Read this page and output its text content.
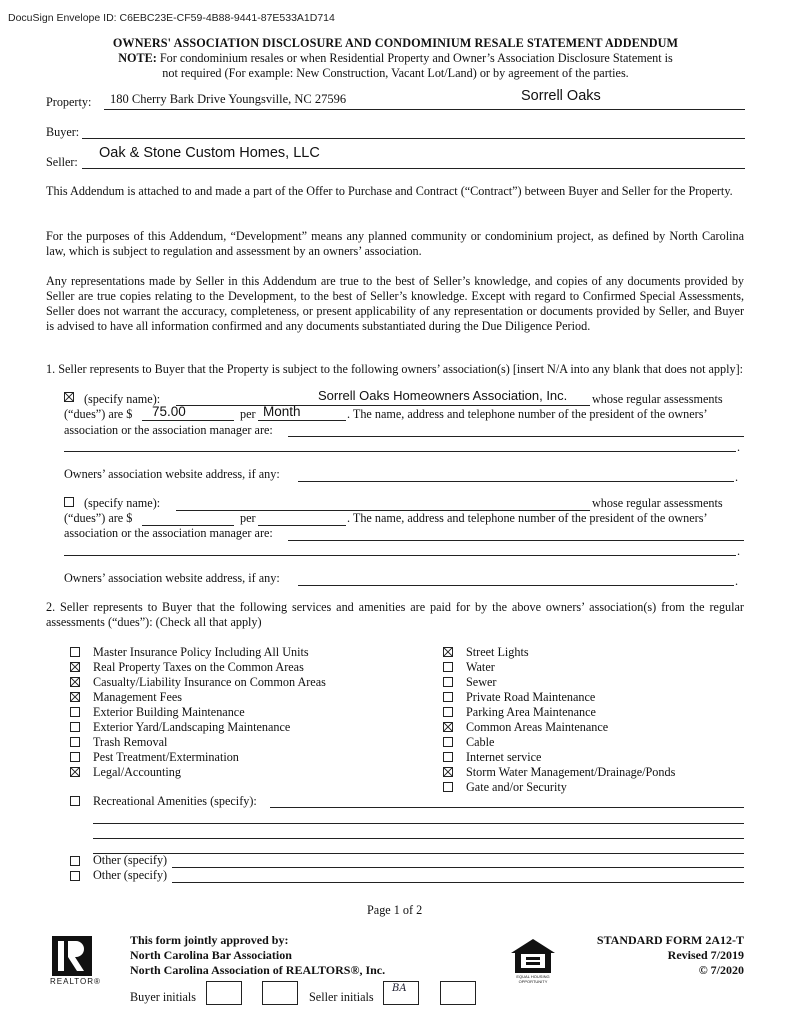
DocuSign Envelope ID: C6EBC23E-CF59-4B88-9441-87E533A1D714
OWNERS' ASSOCIATION DISCLOSURE AND CONDOMINIUM RESALE STATEMENT ADDENDUM
NOTE: For condominium resales or when Residential Property and Owner’s Association Disclosure Statement is
not required (For example: New Construction, Vacant Lot/Land) or by agreement of the parties.
Property: 180 Cherry Bark Drive Youngsville, NC 27596	Sorrell Oaks
Buyer:
Seller:
Oak & Stone Custom Homes, LLC
This Addendum is attached to and made a part of the Offer to Purchase and Contract (“Contract”) between Buyer and Seller for the Property.
For the purposes of this Addendum, “Development” means any planned community or condominium project, as defined by North Carolina law, which is subject to regulation and assessment by an owners’ association.
Any representations made by Seller in this Addendum are true to the best of Seller’s knowledge, and copies of any documents provided by Seller are true copies relating to the Development, to the best of Seller’s knowledge. Except with regard to Confirmed Special Assessments, Seller does not warrant the accuracy, completeness, or present applicability of any representation or documents provided by Seller, and Buyer is advised to have all information confirmed and any documents substantiated during the Due Diligence Period.
1. Seller represents to Buyer that the Property is subject to the following owners’ association(s) [insert N/A into any blank that does not apply]:
(specify name):	Sorrell Oaks Homeowners Association, Inc. whose regular assessments
(“dues”) are $ 75.00	per Month	. The name, address and telephone number of the president of the owners’
association or the association manager are:
.
Owners’ association website address, if any:	.
(specify name):	whose regular assessments
(“dues”) are $	per	. The name, address and telephone number of the president of the owners’
association or the association manager are:
.
Owners’ association website address, if any:	.
2. Seller represents to Buyer that the following services and amenities are paid for by the above owners’ association(s) from the regular assessments (“dues”): (Check all that apply)
Master Insurance Policy Including All Units
Real Property Taxes on the Common Areas
Casualty/Liability Insurance on Common Areas
Management Fees
Exterior Building Maintenance
Exterior Yard/Landscaping Maintenance
Trash Removal
Pest Treatment/Extermination
Legal/Accounting
Street Lights
Water
Sewer
Private Road Maintenance
Parking Area Maintenance
Common Areas Maintenance
Cable
Internet service
Storm Water Management/Drainage/Ponds
Gate and/or Security
Recreational Amenities (specify):
Other (specify)
Other (specify)
Page 1 of 2
REALTOR®
This form jointly approved by:
North Carolina Bar Association
North Carolina Association of REALTORS®, Inc.
Buyer initials	Seller initials
BA
EQUAL HOUSING
OPPORTUNITY
STANDARD FORM 2A12-T
Revised 7/2019
© 7/2020
